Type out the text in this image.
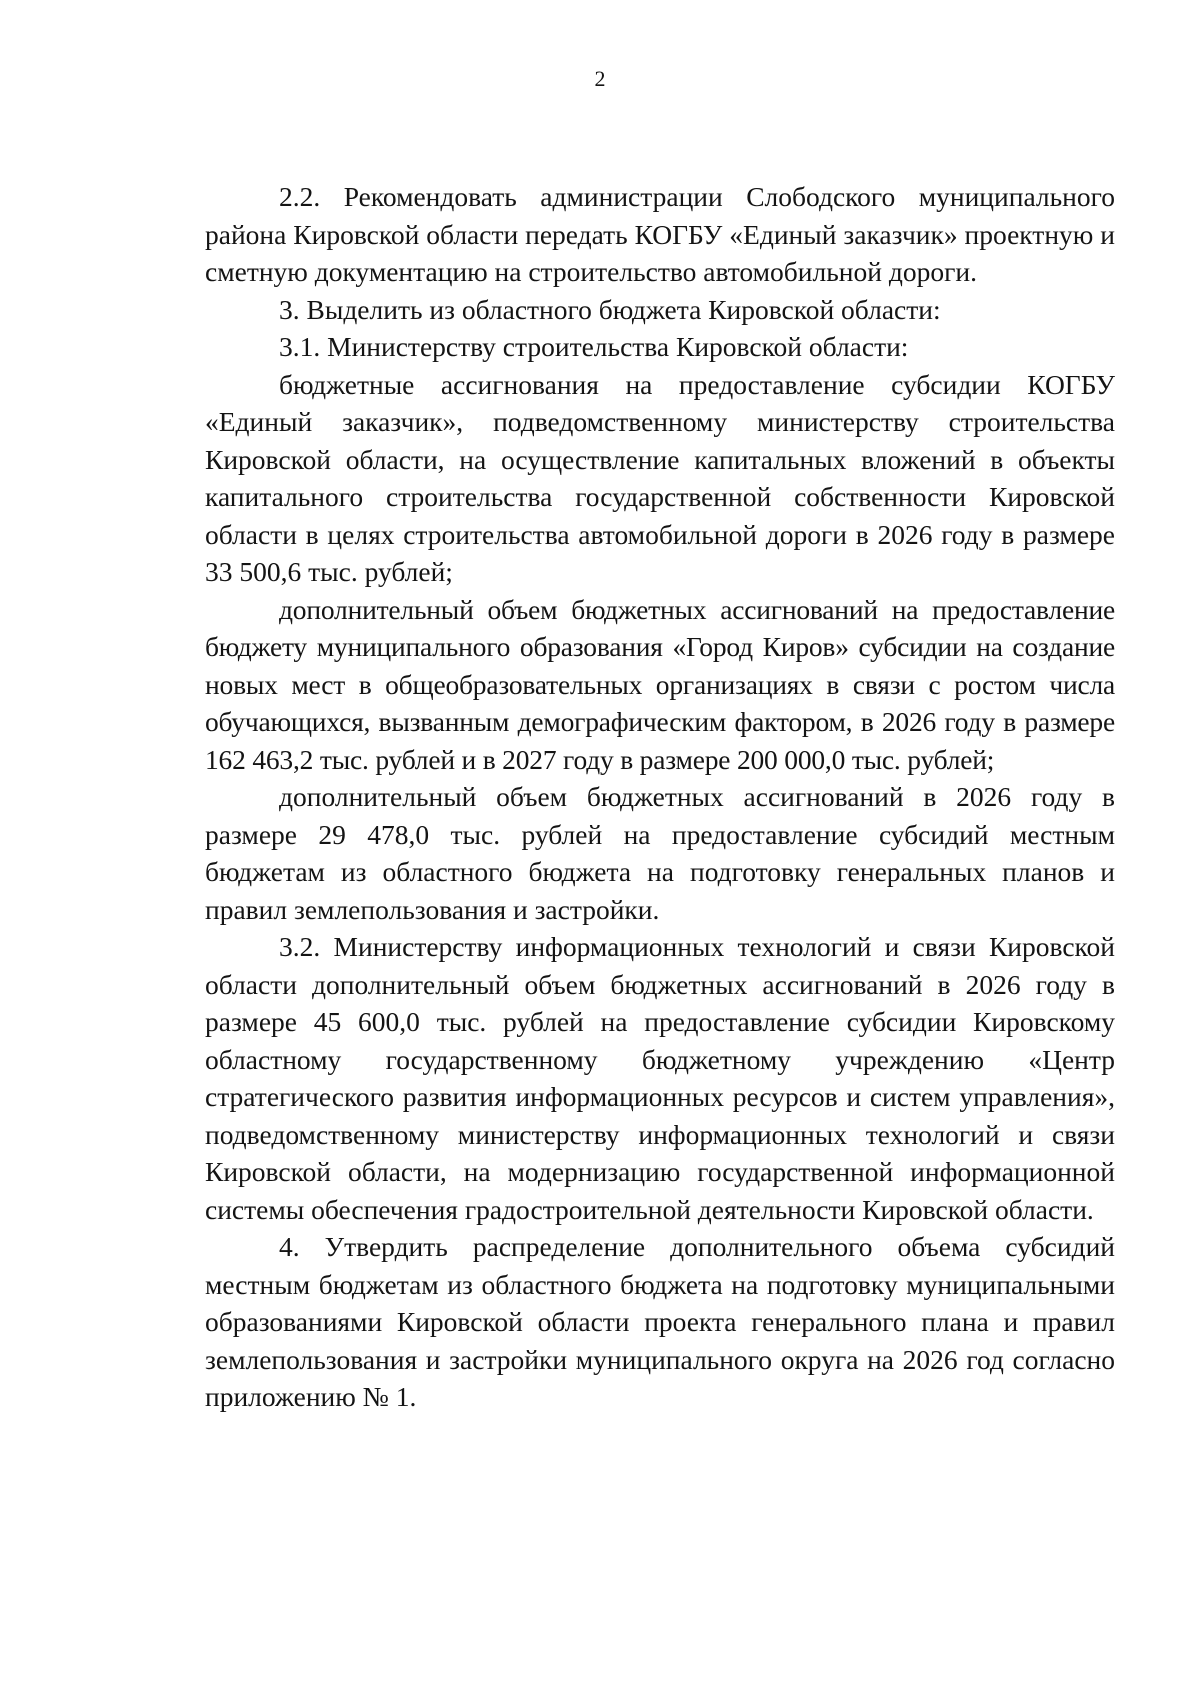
2

2.2. Рекомендовать администрации Слободского муниципального района Кировской области передать КОГБУ «Единый заказчик» проектную и сметную документацию на строительство автомобильной дороги.

3. Выделить из областного бюджета Кировской области:

3.1. Министерству строительства Кировской области:

бюджетные ассигнования на предоставление субсидии КОГБУ «Единый заказчик», подведомственному министерству строительства Кировской области, на осуществление капитальных вложений в объекты капитального строительства государственной собственности Кировской области в целях строительства автомобильной дороги в 2026 году в размере 33 500,6 тыс. рублей;

дополнительный объем бюджетных ассигнований на предоставление бюджету муниципального образования «Город Киров» субсидии на создание новых мест в общеобразовательных организациях в связи с ростом числа обучающихся, вызванным демографическим фактором, в 2026 году в размере 162 463,2 тыс. рублей и в 2027 году в размере 200 000,0 тыс. рублей;

дополнительный объем бюджетных ассигнований в 2026 году в размере 29 478,0 тыс. рублей на предоставление субсидий местным бюджетам из областного бюджета на подготовку генеральных планов и правил землепользования и застройки.

3.2. Министерству информационных технологий и связи Кировской области дополнительный объем бюджетных ассигнований в 2026 году в размере 45 600,0 тыс. рублей на предоставление субсидии Кировскому областному государственному бюджетному учреждению «Центр стратегического развития информационных ресурсов и систем управления», подведомственному министерству информационных технологий и связи Кировской области, на модернизацию государственной информационной системы обеспечения градостроительной деятельности Кировской области.

4. Утвердить распределение дополнительного объема субсидий местным бюджетам из областного бюджета на подготовку муниципальными образованиями Кировской области проекта генерального плана и правил землепользования и застройки муниципального округа на 2026 год согласно приложению № 1.
